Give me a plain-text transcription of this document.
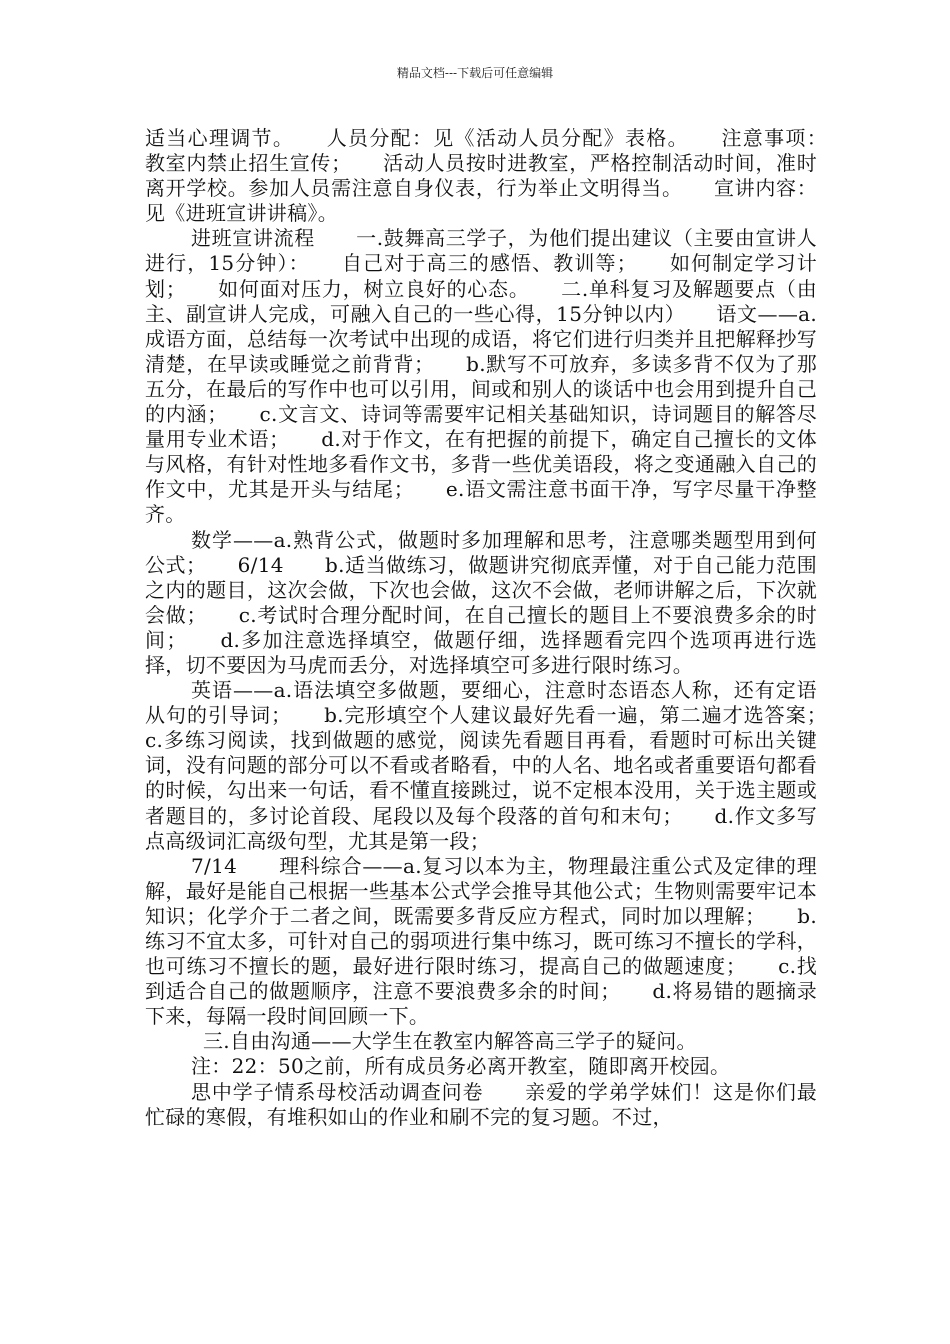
精品文档---下载后可任意编辑

适当心理调节。　　人员分配：见《活动人员分配》表格。　　注意事项：　　教室内禁止招生宣传；　　活动人员按时进教室，严格控制活动时间，准时离开学校。参加人员需注意自身仪表，行为举止文明得当。　　宣讲内容：见《进班宣讲讲稿》。

进班宣讲流程　　一.鼓舞高三学子，为他们提出建议（主要由宣讲人进行，15分钟）：　　自己对于高三的感悟、教训等；　　如何制定学习计划；　　如何面对压力，树立良好的心态。　　二.单科复习及解题要点（由主、副宣讲人完成，可融入自己的一些心得，15分钟以内）　　语文——a.成语方面，总结每一次考试中出现的成语，将它们进行归类并且把解释抄写清楚，在早读或睡觉之前背背；　　b.默写不可放弃，多读多背不仅为了那五分，在最后的写作中也可以引用，间或和别人的谈话中也会用到提升自己的内涵；　　c.文言文、诗词等需要牢记相关基础知识，诗词题目的解答尽量用专业术语；　　d.对于作文，在有把握的前提下，确定自己擅长的文体与风格，有针对性地多看作文书，多背一些优美语段，将之变通融入自己的作文中，尤其是开头与结尾；　　e.语文需注意书面干净，写字尽量干净整齐。

数学——a.熟背公式，做题时多加理解和思考，注意哪类题型用到何公式；　　6/14　　b.适当做练习，做题讲究彻底弄懂，对于自己能力范围之内的题目，这次会做，下次也会做，这次不会做，老师讲解之后，下次就会做；　　c.考试时合理分配时间，在自己擅长的题目上不要浪费多余的时间；　　d.多加注意选择填空，做题仔细，选择题看完四个选项再进行选择，切不要因为马虎而丢分，对选择填空可多进行限时练习。

英语——a.语法填空多做题，要细心，注意时态语态人称，还有定语从句的引导词；　　b.完形填空个人建议最好先看一遍，第二遍才选答案；　　c.多练习阅读，找到做题的感觉，阅读先看题目再看，看题时可标出关键词，没有问题的部分可以不看或者略看，中的人名、地名或者重要语句都看的时候，勾出来一句话，看不懂直接跳过，说不定根本没用，关于选主题或者题目的，多讨论首段、尾段以及每个段落的首句和末句；　　d.作文多写点高级词汇高级句型，尤其是第一段；

7/14　　理科综合——a.复习以本为主，物理最注重公式及定律的理解，最好是能自己根据一些基本公式学会推导其他公式；生物则需要牢记本知识；化学介于二者之间，既需要多背反应方程式，同时加以理解；　　b.练习不宜太多，可针对自己的弱项进行集中练习，既可练习不擅长的学科，也可练习不擅长的题，最好进行限时练习，提高自己的做题速度；　　c.找到适合自己的做题顺序，注意不要浪费多余的时间；　　d.将易错的题摘录下来，每隔一段时间回顾一下。

三.自由沟通——大学生在教室内解答高三学子的疑问。

注：22：50之前，所有成员务必离开教室，随即离开校园。

思中学子情系母校活动调查问卷　　亲爱的学弟学妹们！这是你们最忙碌的寒假，有堆积如山的作业和刷不完的复习题。不过，
